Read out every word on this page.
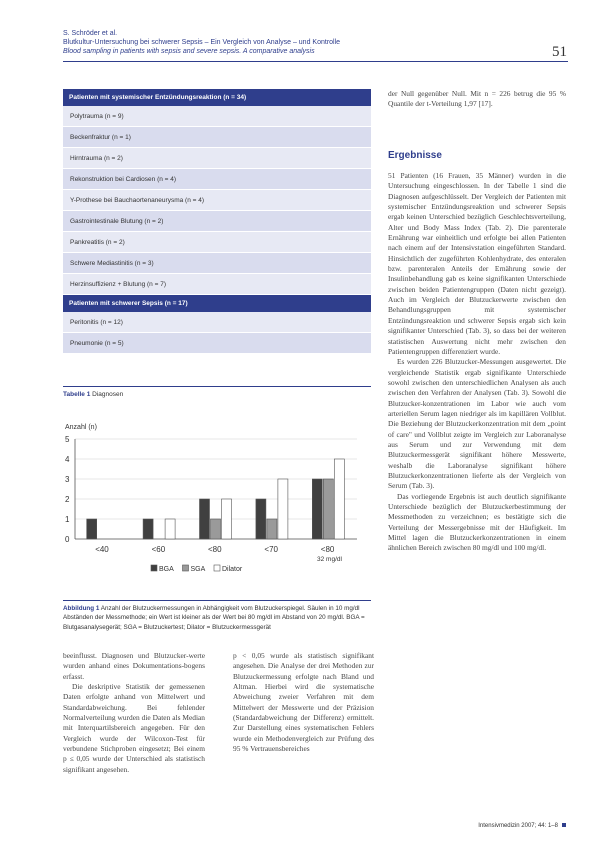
S. Schröder et al.
Blutkultur-Untersuchung bei schwerer Sepsis – Ein Vergleich von Analyse ‒ und Kontrolle
Blood sampling in patients with sepsis and severe sepsis. A comparative analysis	51
Patienten mit systemischer Entzündungsreaktion (n = 34)
Polytrauma (n = 9)
Beckenfraktur (n = 1)
Hirntrauma (n = 2)
Rekonstruktion bei Cardiosen (n = 4)
Y-Prothese bei Bauchaortenaneurysma (n = 4)
Gastrointestinale Blutung (n = 2)
Pankreatitis (n = 2)
Schwere Mediastinitis (n = 3)
Herzinsuffizienz + Blutung (n = 7)
Patienten mit schwerer Sepsis (n = 17)
Peritonitis (n = 12)
Pneumonie (n = 5)
Tabelle 1 Diagnosen
Anzahl (n)
0
1
2
3
4
5
<40	<60	<80	<70	<80
32 mg/dl
BGA SGA Dilator
Abbildung 1 Anzahl der Blutzuckermessungen in Abhängigkeit vom Blutzuckerspiegel. Säulen in 10 mg/dl Abständen der Messmethode; ein Wert ist kleiner als der Wert bei 80 mg/dl im Abstand von 20 mg/dl. BGA = Blutgasanalysegerät; SGA = Blutzuckertest; Dilator = Blutzuckermessgerät

beeinflusst. Diagnosen und Blutzucker-werte wurden anhand eines Dokumentations-bogens erfasst.

Die deskriptive Statistik der gemessenen Daten erfolgte anhand von Mittelwert und Standardabweichung. Bei fehlender Normalverteilung wurden die Daten als Median mit Interquartilsbereich angegeben. Für den Vergleich wurde der Wilcoxon-Test für verbundene Stichproben eingesetzt; Bei einem p ≤ 0,05 wurde der Unterschied als statistisch signifikant angesehen.

p < 0,05 wurde als statistisch signifikant angesehen. Die Analyse der drei Methoden zur Blutzuckermessung erfolgte nach Bland und Altman. Hierbei wird die systematische Abweichung zweier Verfahren mit dem Mittelwert der Messwerte und der Präzision (Standardabweichung der Differenz) ermittelt. Zur Darstellung eines systematischen Fehlers wurde ein Methodenvergleich zur Prüfung des 95 % Vertrauensbereiches

der Null gegenüber Null. Mit n = 226 betrug die 95 % Quantile der t-Verteilung 1,97 [17].

Ergebnisse

51 Patienten (16 Frauen, 35 Männer) wurden in die Untersuchung eingeschlossen. In der Tabelle 1 sind die Diagnosen aufgeschlüsselt. Der Vergleich der Patienten mit systemischer Entzündungsreaktion und schwerer Sepsis ergab keinen Unterschied bezüglich Geschlechtsverteilung, Alter und Body Mass Index (Tab. 2). Die parenterale Ernährung war einheitlich und erfolgte bei allen Patienten nach einem auf der Intensivstation eingeführten Standard. Hinsichtlich der zugeführten Kohlenhydrate, des enteralen bzw. parenteralen Anteils der Ernährung sowie der Insulinbehandlung gab es keine signifikanten Unterschiede zwischen beiden Patientengruppen (Daten nicht gezeigt). Auch im Vergleich der Blutzuckerwerte zwischen den Behandlungsgruppen mit systemischer Entzündungsreaktion und schwerer Sepsis ergab sich kein signifikanter Unterschied (Tab. 3), so dass bei der weiteren statistischen Auswertung nicht mehr zwischen den Patientengruppen differenziert wurde.

Es wurden 226 Blutzucker-Messungen ausgewertet. Die vergleichende Statistik ergab signifikante Unterschiede sowohl zwischen den unterschiedlichen Analysen als auch zwischen den Verfahren der Analysen (Tab. 3). Sowohl die Blutzucker-konzentrationen im Labor wie auch vom arteriellen Serum lagen niedriger als im kapillären Vollblut. Die Beziehung der Blutzuckerkonzentration mit dem „point of care" und Vollblut zeigte im Vergleich zur Laboranalyse aus Serum und zur Verwendung mit dem Blutzuckermessgerät signifikant höhere Messwerte, weshalb die Laboranalyse signifikant höhere Blutzuckerkonzentrationen lieferte als der Vergleich von Serum (Tab. 3).

Das vorliegende Ergebnis ist auch deutlich signifikante Unterschiede bezüglich der Blutzuckerbestimmung der Messmethoden zu verzeichnen; es bestätigte sich die Verteilung der Messergebnisse mit der Häufigkeit. Im Mittel lagen die Blutzuckerkonzentrationen in einem ähnlichen Bereich zwischen 80 mg/dl und 100 mg/dl.

Intensivmedizin 2007; 44: 1–8
